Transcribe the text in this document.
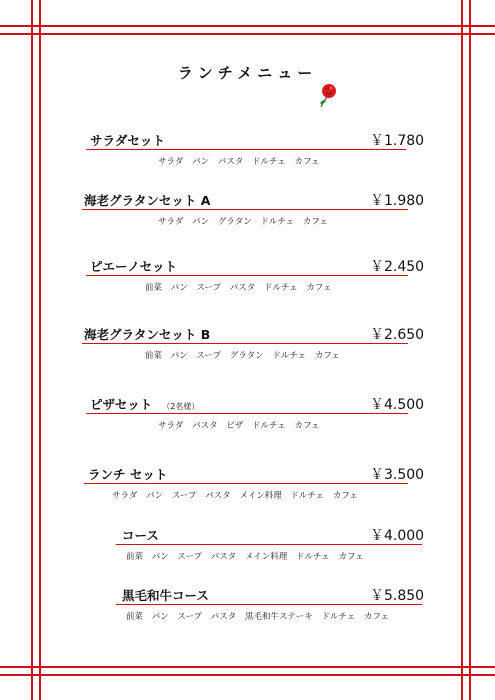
ランチメニュー
サラダセット	￥1.780
サラダ パン パスタ ドルチェ カフェ
海老グラタンセット A	￥1.980
サラダ パン グラタン ドルチェ カフェ
ピエーノセット	￥2.450
前菜 パン スープ パスタ ドルチェ カフェ
海老グラタンセット B	￥2.650
前菜 パン スープ グラタン ドルチェ カフェ
ピザセット （2名様）	￥4.500
サラダ パスタ ピザ ドルチェ カフェ
ランチ セット	￥3.500
サラダ パン スープ パスタ メイン料理 ドルチェ カフェ
コース	￥4.000
前菜 パン スープ パスタ メイン料理 ドルチェ カフェ
黒毛和牛コース	￥5.850
前菜 パン スープ パスタ 黒毛和牛ステーキ ドルチェ カフェ
